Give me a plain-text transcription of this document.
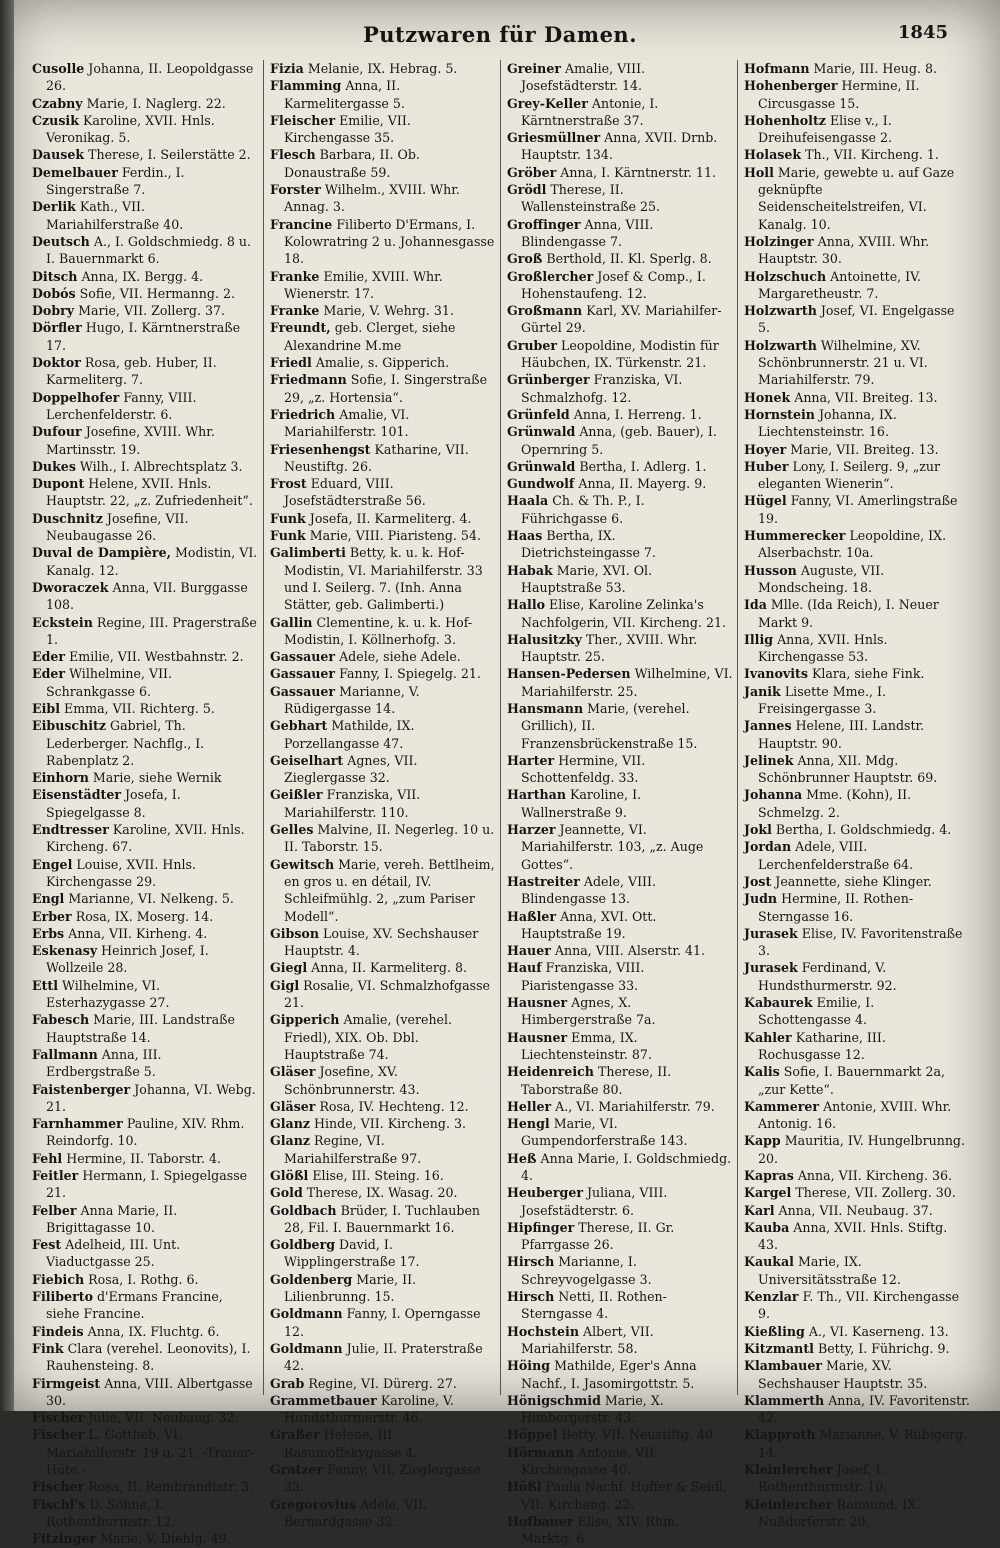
Putzwaren für Damen.	1845

Cusolle Johanna, II. Leopoldgasse 26.

Czabny Marie, I. Naglerg. 22.

Czusik Karoline, XVII. Hnls. Veronikag. 5.

Dausek Therese, I. Seilerstätte 2.

Demelbauer Ferdin., I. Singerstraße 7.

Derlik Kath., VII. Mariahilferstraße 40.

Deutsch A., I. Goldschmiedg. 8 u. I. Bauernmarkt 6.

Ditsch Anna, IX. Bergg. 4.

Dobós Sofie, VII. Hermanng. 2.

Dobry Marie, VII. Zollerg. 37.

Dörfler Hugo, I. Kärntnerstraße 17.

Doktor Rosa, geb. Huber, II. Karmeliterg. 7.

Doppelhofer Fanny, VIII. Lerchenfelderstr. 6.

Dufour Josefine, XVIII. Whr. Martinsstr. 19.

Dukes Wilh., I. Albrechtsplatz 3.

Dupont Helene, XVII. Hnls. Hauptstr. 22, „z. Zufriedenheit“.

Duschnitz Josefine, VII. Neubaugasse 26.

Duval de Dampière, Modistin, VI. Kanalg. 12.

Dworaczek Anna, VII. Burggasse 108.

Eckstein Regine, III. Pragerstraße 1.

Eder Emilie, VII. Westbahnstr. 2.

Eder Wilhelmine, VII. Schrankgasse 6.

Eibl Emma, VII. Richterg. 5.

Eibuschitz Gabriel, Th. Lederberger. Nachflg., I. Rabenplatz 2.

Einhorn Marie, siehe Wernik

Eisenstädter Josefa, I. Spiegelgasse 8.

Endtresser Karoline, XVII. Hnls. Kircheng. 67.

Engel Louise, XVII. Hnls. Kirchengasse 29.

Engl Marianne, VI. Nelkeng. 5.

Erber Rosa, IX. Moserg. 14.

Erbs Anna, VII. Kirheng. 4.

Eskenasy Heinrich Josef, I. Wollzeile 28.

Ettl Wilhelmine, VI. Esterhazygasse 27.

Fabesch Marie, III. Landstraße Hauptstraße 14.

Fallmann Anna, III. Erdbergstraße 5.

Faistenberger Johanna, VI. Webg. 21.

Farnhammer Pauline, XIV. Rhm. Reindorfg. 10.

Fehl Hermine, II. Taborstr. 4.

Feitler Hermann, I. Spiegelgasse 21.

Felber Anna Marie, II. Brigittagasse 10.

Fest Adelheid, III. Unt. Viaductgasse 25.

Fiebich Rosa, I. Rothg. 6.

Filiberto d'Ermans Francine, siehe Francine.

Findeis Anna, IX. Fluchtg. 6.

Fink Clara (verehel. Leonovits), I. Rauhensteing. 8.

Firmgeist Anna, VIII. Albertgasse 30.

Fischer Julie, VII. Neubaug. 32.

Fischer L. Gottlieb, VI. Mariahilferstr. 19 u. 21. -Trauer-Hüte.-

Fischer Rosa, II. Rembrandtstr. 3.

Fischl's D. Söhne, I. Rothenthurmstr. 12.

Fitzinger Marie, V. Diehlg. 49.

Fizia Melanie, IX. Hebrag. 5.

Flamming Anna, II. Karmelitergasse 5.

Fleischer Emilie, VII. Kirchengasse 35.

Flesch Barbara, II. Ob. Donaustraße 59.

Forster Wilhelm., XVIII. Whr. Annag. 3.

Francine Filiberto D'Ermans, I. Kolowratring 2 u. Johannesgasse 18.

Franke Emilie, XVIII. Whr. Wienerstr. 17.

Franke Marie, V. Wehrg. 31.

Freundt, geb. Clerget, siehe Alexandrine M.me

Friedl Amalie, s. Gipperich.

Friedmann Sofie, I. Singerstraße 29, „z. Hortensia“.

Friedrich Amalie, VI. Mariahilferstr. 101.

Friesenhengst Katharine, VII. Neustiftg. 26.

Frost Eduard, VIII. Josefstädterstraße 56.

Funk Josefa, II. Karmeliterg. 4.

Funk Marie, VIII. Piaristeng. 54.

Galimberti Betty, k. u. k. Hof-Modistin, VI. Mariahilferstr. 33 und I. Seilerg. 7. (Inh. Anna Stätter, geb. Galimberti.)

Gallin Clementine, k. u. k. Hof-Modistin, I. Köllnerhofg. 3.

Gassauer Adele, siehe Adele.

Gassauer Fanny, I. Spiegelg. 21.

Gassauer Marianne, V. Rüdigergasse 14.

Gebhart Mathilde, IX. Porzellangasse 47.

Geiselhart Agnes, VII. Zieglergasse 32.

Geißler Franziska, VII. Mariahilferstr. 110.

Gelles Malvine, II. Negerleg. 10 u. II. Taborstr. 15.

Gewitsch Marie, vereh. Bettlheim, en gros u. en détail, IV. Schleifmühlg. 2, „zum Pariser Modell“.

Gibson Louise, XV. Sechshauser Hauptstr. 4.

Giegl Anna, II. Karmeliterg. 8.

Gigl Rosalie, VI. Schmalzhofgasse 21.

Gipperich Amalie, (verehel. Friedl), XIX. Ob. Dbl. Hauptstraße 74.

Gläser Josefine, XV. Schönbrunnerstr. 43.

Gläser Rosa, IV. Hechteng. 12.

Glanz Hinde, VII. Kircheng. 3.

Glanz Regine, VI. Mariahilferstraße 97.

Glößl Elise, III. Steing. 16.

Gold Therese, IX. Wasag. 20.

Goldbach Brüder, I. Tuchlauben 28, Fil. I. Bauernmarkt 16.

Goldberg David, I. Wipplingerstraße 17.

Goldenberg Marie, II. Lilienbrunng. 15.

Goldmann Fanny, I. Operngasse 12.

Goldmann Julie, II. Praterstraße 42.

Grab Regine, VI. Dürerg. 27.

Grammetbauer Karoline, V. Hundsthurmerstr. 46.

Graßer Helene, III. Rasumoffskygasse 4.

Gratzer Fanny, VII. Zieglergasse 33.

Gregorovius Adele, VII. Bernardgasse 32.

Greiner Amalie, VIII. Josefstädterstr. 14.

Grey-Keller Antonie, I. Kärntnerstraße 37.

Griesmüllner Anna, XVII. Drnb. Hauptstr. 134.

Gröber Anna, I. Kärntnerstr. 11.

Grödl Therese, II. Wallensteinstraße 25.

Groffinger Anna, VIII. Blindengasse 7.

Groß Berthold, II. Kl. Sperlg. 8.

Großlercher Josef & Comp., I. Hohenstaufeng. 12.

Großmann Karl, XV. Mariahilfer-Gürtel 29.

Gruber Leopoldine, Modistin für Häubchen, IX. Türkenstr. 21.

Grünberger Franziska, VI. Schmalzhofg. 12.

Grünfeld Anna, I. Herreng. 1.

Grünwald Anna, (geb. Bauer), I. Opernring 5.

Grünwald Bertha, I. Adlerg. 1.

Gundwolf Anna, II. Mayerg. 9.

Haala Ch. & Th. P., I. Führichgasse 6.

Haas Bertha, IX. Dietrichsteingasse 7.

Habak Marie, XVI. Ol. Hauptstraße 53.

Hallo Elise, Karoline Zelinka's Nachfolgerin, VII. Kircheng. 21.

Halusitzky Ther., XVIII. Whr. Hauptstr. 25.

Hansen-Pedersen Wilhelmine, VI. Mariahilferstr. 25.

Hansmann Marie, (verehel. Grillich), II. Franzensbrückenstraße 15.

Harter Hermine, VII. Schottenfeldg. 33.

Harthan Karoline, I. Wallnerstraße 9.

Harzer Jeannette, VI. Mariahilferstr. 103, „z. Auge Gottes“.

Hastreiter Adele, VIII. Blindengasse 13.

Haßler Anna, XVI. Ott. Hauptstraße 19.

Hauer Anna, VIII. Alserstr. 41.

Hauf Franziska, VIII. Piaristengasse 33.

Hausner Agnes, X. Himbergerstraße 7a.

Hausner Emma, IX. Liechtensteinstr. 87.

Heidenreich Therese, II. Taborstraße 80.

Heller A., VI. Mariahilferstr. 79.

Hengl Marie, VI. Gumpendorferstraße 143.

Heß Anna Marie, I. Goldschmiedg. 4.

Heuberger Juliana, VIII. Josefstädterstr. 6.

Hipfinger Therese, II. Gr. Pfarrgasse 26.

Hirsch Marianne, I. Schreyvogelgasse 3.

Hirsch Netti, II. Rothen-Sterngasse 4.

Hochstein Albert, VII. Mariahilferstr. 58.

Höing Mathilde, Eger's Anna Nachf., I. Jasomirgottstr. 5.

Hönigschmid Marie, X. Himbergerstr. 43.

Höppel Betty, VII. Neustiftg. 40.

Hörmann Antonie, VII. Kirchengasse 40.

Hößl Paula Nachf. Hoffer & Seidl, VII. Kircheng. 22.

Hofbauer Elise, XIV. Rhm. Marktg. 6.

Hofmann Marie, III. Heug. 8.

Hohenberger Hermine, II. Circusgasse 15.

Hohenholtz Elise v., I. Dreihufeisengasse 2.

Holasek Th., VII. Kircheng. 1.

Holl Marie, gewebte u. auf Gaze geknüpfte Seidenscheitelstreifen, VI. Kanalg. 10.

Holzinger Anna, XVIII. Whr. Hauptstr. 30.

Holzschuch Antoinette, IV. Margaretheustr. 7.

Holzwarth Josef, VI. Engelgasse 5.

Holzwarth Wilhelmine, XV. Schönbrunnerstr. 21 u. VI. Mariahilferstr. 79.

Honek Anna, VII. Breiteg. 13.

Hornstein Johanna, IX. Liechtensteinstr. 16.

Hoyer Marie, VII. Breiteg. 13.

Huber Lony, I. Seilerg. 9, „zur eleganten Wienerin“.

Hügel Fanny, VI. Amerlingstraße 19.

Hummerecker Leopoldine, IX. Alserbachstr. 10a.

Husson Auguste, VII. Mondscheing. 18.

Ida Mlle. (Ida Reich), I. Neuer Markt 9.

Illig Anna, XVII. Hnls. Kirchengasse 53.

Ivanovits Klara, siehe Fink.

Janik Lisette Mme., I. Freisingergasse 3.

Jannes Helene, III. Landstr. Hauptstr. 90.

Jelinek Anna, XII. Mdg. Schönbrunner Hauptstr. 69.

Johanna Mme. (Kohn), II. Schmelzg. 2.

Jokl Bertha, I. Goldschmiedg. 4.

Jordan Adele, VIII. Lerchenfelderstraße 64.

Jost Jeannette, siehe Klinger.

Judn Hermine, II. Rothen-Sterngasse 16.

Jurasek Elise, IV. Favoritenstraße 3.

Jurasek Ferdinand, V. Hundsthurmerstr. 92.

Kabaurek Emilie, I. Schottengasse 4.

Kahler Katharine, III. Rochusgasse 12.

Kalis Sofie, I. Bauernmarkt 2a, „zur Kette“.

Kammerer Antonie, XVIII. Whr. Antonig. 16.

Kapp Mauritia, IV. Hungelbrunng. 20.

Kapras Anna, VII. Kircheng. 36.

Kargel Therese, VII. Zollerg. 30.

Karl Anna, VII. Neubaug. 37.

Kauba Anna, XVII. Hnls. Stiftg. 43.

Kaukal Marie, IX. Universitätsstraße 12.

Kenzlar F. Th., VII. Kirchengasse 9.

Kießling A., VI. Kaserneng. 13.

Kitzmantl Betty, I. Führichg. 9.

Klambauer Marie, XV. Sechshauser Hauptstr. 35.

Klammerth Anna, IV. Favoritenstr. 42.

Klapproth Marianne, V. Rübigerg. 14.

Kleinlercher Josef, I. Rothenthurmstr. 10.

Kleinlercher Raimund, IX. Nußdorferstr. 20.
